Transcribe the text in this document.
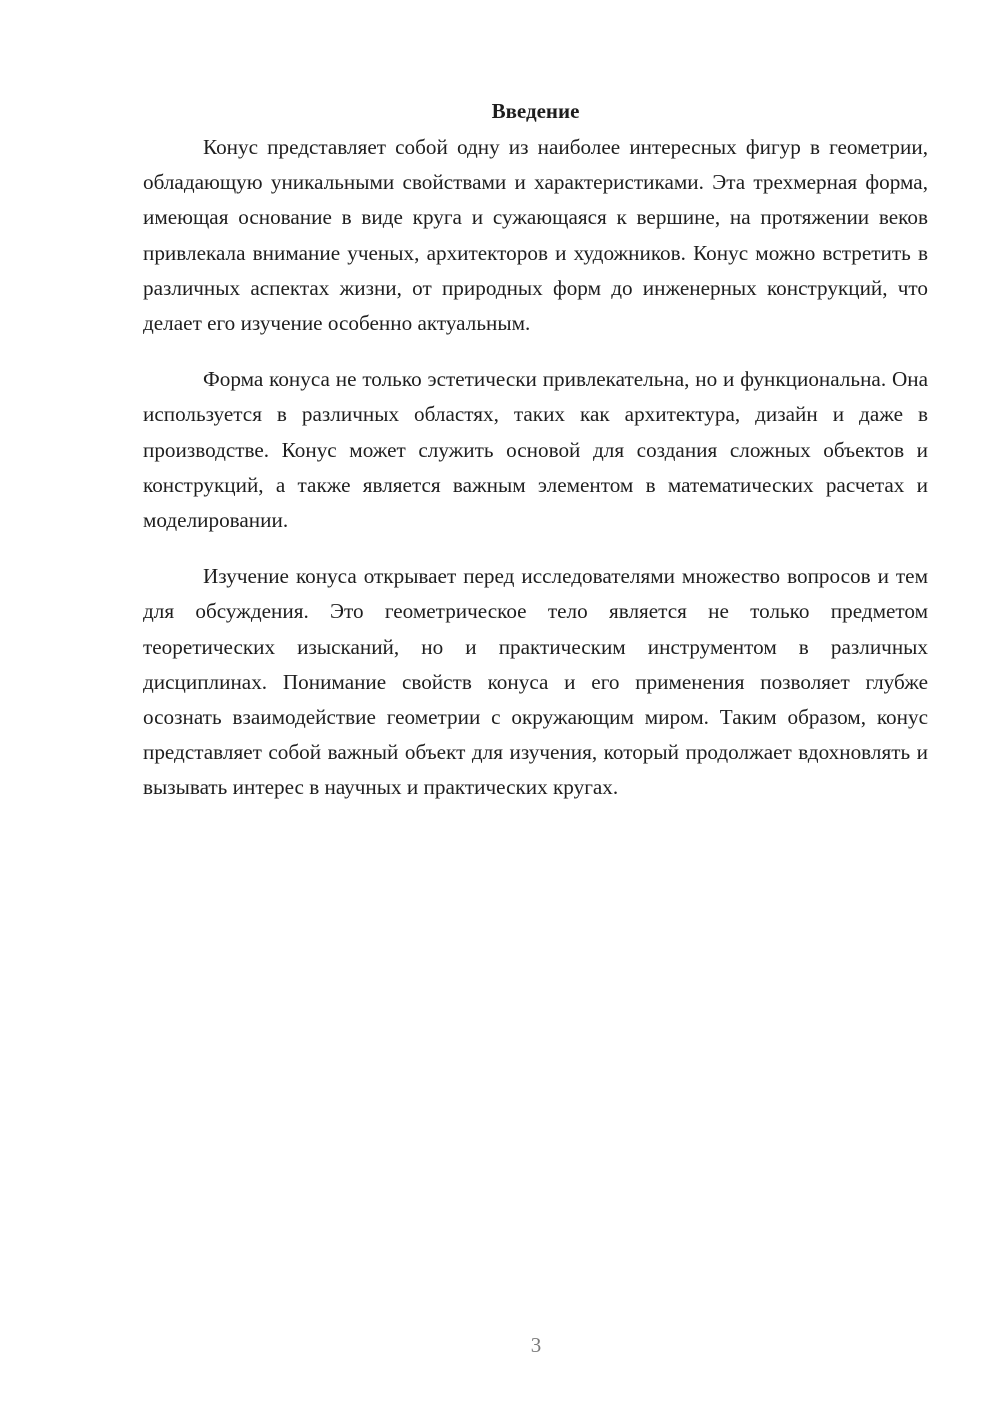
Введение

Конус представляет собой одну из наиболее интересных фигур в геометрии, обладающую уникальными свойствами и характеристиками. Эта трехмерная форма, имеющая основание в виде круга и сужающаяся к вершине, на протяжении веков привлекала внимание ученых, архитекторов и художников. Конус можно встретить в различных аспектах жизни, от природных форм до инженерных конструкций, что делает его изучение особенно актуальным.

Форма конуса не только эстетически привлекательна, но и функциональна. Она используется в различных областях, таких как архитектура, дизайн и даже в производстве. Конус может служить основой для создания сложных объектов и конструкций, а также является важным элементом в математических расчетах и моделировании.

Изучение конуса открывает перед исследователями множество вопросов и тем для обсуждения. Это геометрическое тело является не только предметом теоретических изысканий, но и практическим инструментом в различных дисциплинах. Понимание свойств конуса и его применения позволяет глубже осознать взаимодействие геометрии с окружающим миром. Таким образом, конус представляет собой важный объект для изучения, который продолжает вдохновлять и вызывать интерес в научных и практических кругах.

3
